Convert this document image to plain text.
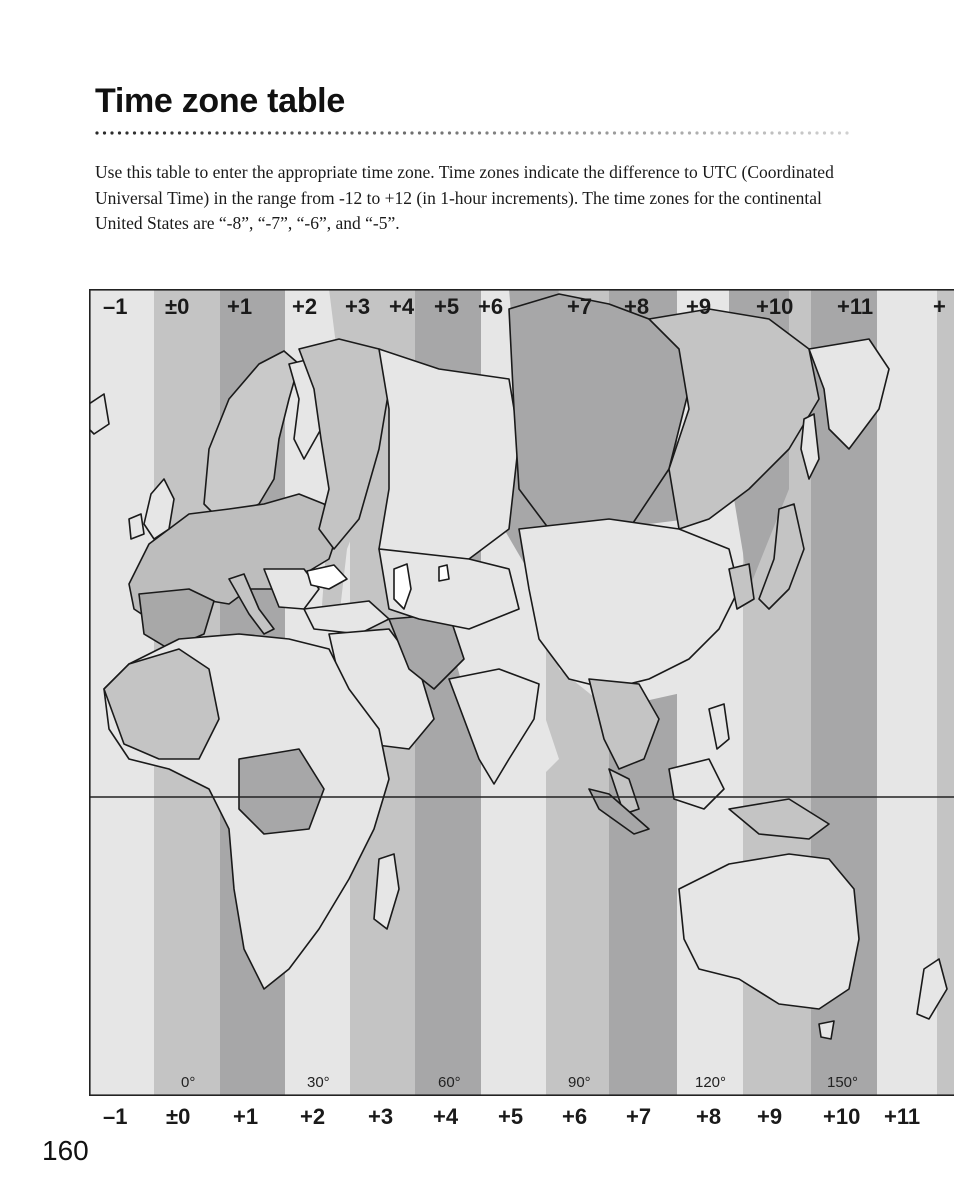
Time zone table

Use this table to enter the appropriate time zone. Time zones indicate the difference to UTC (Coordinated Universal Time) in the range from -12 to +12 (in 1-hour increments). The time zones for the continental United States are “-8”, “-7”, “-6”, and “-5”.

–1 ±0 +1 +2 +3 +4 +5 +6	+7 +8 +9 +10 +11	+
0°	30°	60°	90°	120°	150°
–1 ±0 +1 +2 +3 +4 +5 +6 +7 +8 +9 +10 +11
160
